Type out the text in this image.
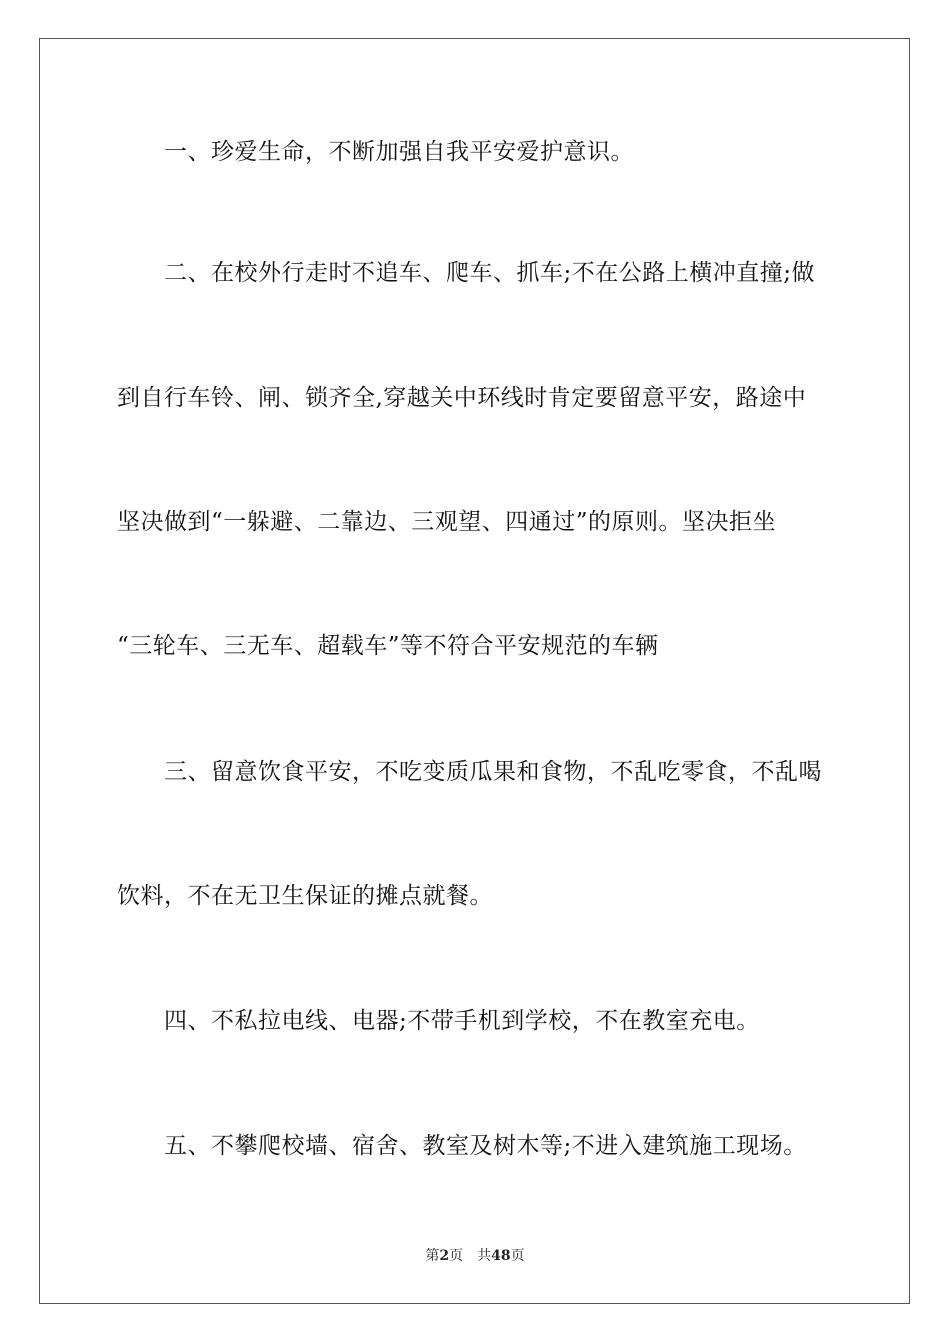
　　一、珍爱生命，不断加强自我平安爱护意识。
　　二、在校外行走时不追车、爬车、抓车;不在公路上横冲直撞;做
到自行车铃、闸、锁齐全,穿越关中环线时肯定要留意平安，路途中
坚决做到“一躲避、二靠边、三观望、四通过”的原则。坚决拒坐
“三轮车、三无车、超载车”等不符合平安规范的车辆
　　三、留意饮食平安，不吃变质瓜果和食物，不乱吃零食，不乱喝
饮料，不在无卫生保证的摊点就餐。
　　四、不私拉电线、电器;不带手机到学校，不在教室充电。
　　五、不攀爬校墙、宿舍、教室及树木等;不进入建筑施工现场。
第2页 共48页
